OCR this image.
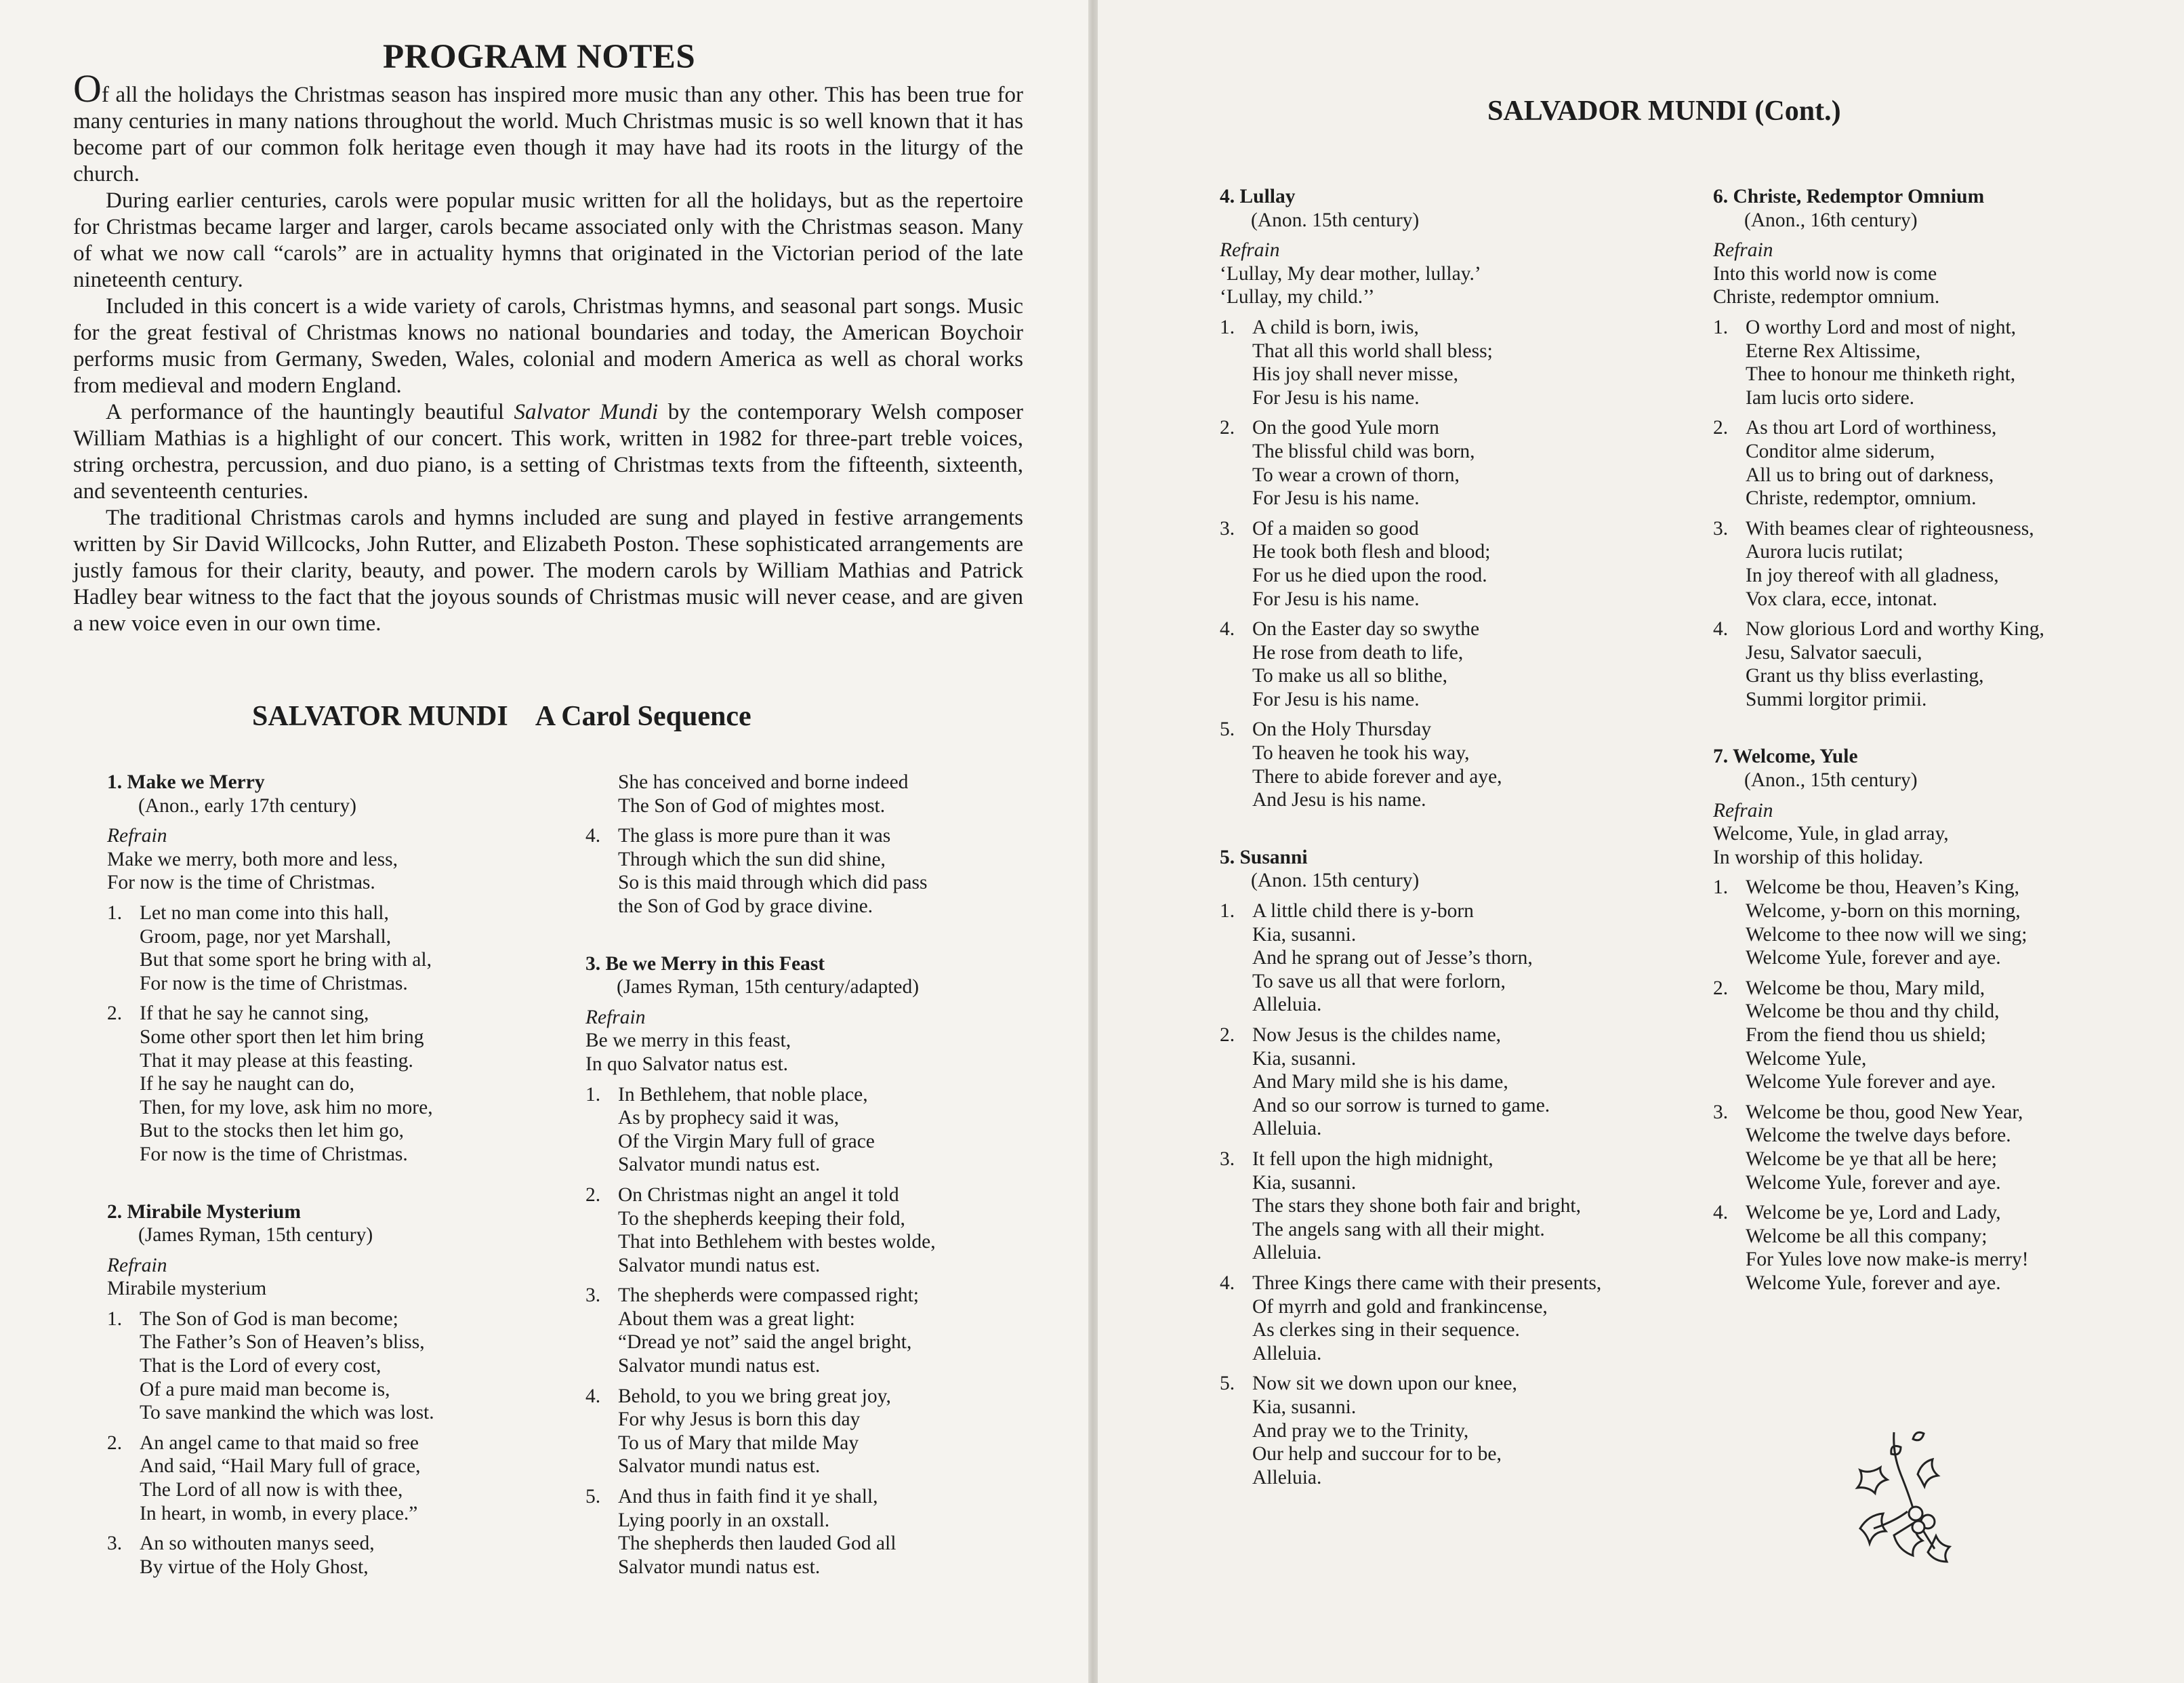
PROGRAM NOTES

Of all the holidays the Christmas season has inspired more music than any other. This has been true for many centuries in many nations throughout the world. Much Christmas music is so well known that it has become part of our common folk heritage even though it may have had its roots in the liturgy of the church.

During earlier centuries, carols were popular music written for all the holidays, but as the repertoire for Christmas became larger and larger, carols became associated only with the Christmas season. Many of what we now call “carols” are in actuality hymns that originated in the Victorian period of the late nineteenth century.

Included in this concert is a wide variety of carols, Christmas hymns, and seasonal part songs. Music for the great festival of Christmas knows no national boundaries and today, the American Boychoir performs music from Germany, Sweden, Wales, colonial and modern America as well as choral works from medieval and modern England.

A performance of the hauntingly beautiful Salvator Mundi by the contemporary Welsh composer William Mathias is a highlight of our concert. This work, written in 1982 for three-part treble voices, string orchestra, percussion, and duo piano, is a setting of Christmas texts from the fifteenth, sixteenth, and seventeenth centuries.

The traditional Christmas carols and hymns included are sung and played in festive arrangements written by Sir David Willcocks, John Rutter, and Elizabeth Poston. These sophisticated arrangements are justly famous for their clarity, beauty, and power. The modern carols by William Mathias and Patrick Hadley bear witness to the fact that the joyous sounds of Christmas music will never cease, and are given a new voice even in our own time.

SALVATOR MUNDI A Carol Sequence
1. Make we Merry
(Anon., early 17th century)
Refrain
Make we merry, both more and less,
For now is the time of Christmas.
1. Let no man come into this hall,
Groom, page, nor yet Marshall,
But that some sport he bring with al,
For now is the time of Christmas.
2. If that he say he cannot sing,
Some other sport then let him bring
That it may please at this feasting.
If he say he naught can do,
Then, for my love, ask him no more,
But to the stocks then let him go,
For now is the time of Christmas.
2. Mirabile Mysterium
(James Ryman, 15th century)
Refrain
Mirabile mysterium
1. The Son of God is man become;
The Father’s Son of Heaven’s bliss,
That is the Lord of every cost,
Of a pure maid man become is,
To save mankind the which was lost.
2. An angel came to that maid so free
And said, “Hail Mary full of grace,
The Lord of all now is with thee,
In heart, in womb, in every place.”
3. An so withouten manys seed,
By virtue of the Holy Ghost,
She has conceived and borne indeed
The Son of God of mightes most.
4. The glass is more pure than it was
Through which the sun did shine,
So is this maid through which did pass
the Son of God by grace divine.
3. Be we Merry in this Feast
(James Ryman, 15th century/adapted)
Refrain
Be we merry in this feast,
In quo Salvator natus est.
1. In Bethlehem, that noble place,
As by prophecy said it was,
Of the Virgin Mary full of grace
Salvator mundi natus est.
2. On Christmas night an angel it told
To the shepherds keeping their fold,
That into Bethlehem with bestes wolde,
Salvator mundi natus est.
3. The shepherds were compassed right;
About them was a great light:
“Dread ye not” said the angel bright,
Salvator mundi natus est.
4. Behold, to you we bring great joy,
For why Jesus is born this day
To us of Mary that milde May
Salvator mundi natus est.
5. And thus in faith find it ye shall,
Lying poorly in an oxstall.
The shepherds then lauded God all
Salvator mundi natus est.
SALVADOR MUNDI (Cont.)
4. Lullay
(Anon. 15th century)
Refrain
‘Lullay, My dear mother, lullay.’
‘Lullay, my child.’’
1. A child is born, iwis,
That all this world shall bless;
His joy shall never misse,
For Jesu is his name.
2. On the good Yule morn
The blissful child was born,
To wear a crown of thorn,
For Jesu is his name.
3. Of a maiden so good
He took both flesh and blood;
For us he died upon the rood.
For Jesu is his name.
4. On the Easter day so swythe
He rose from death to life,
To make us all so blithe,
For Jesu is his name.
5. On the Holy Thursday
To heaven he took his way,
There to abide forever and aye,
And Jesu is his name.
5. Susanni
(Anon. 15th century)
1. A little child there is y-born
Kia, susanni.
And he sprang out of Jesse’s thorn,
To save us all that were forlorn,
Alleluia.
2. Now Jesus is the childes name,
Kia, susanni.
And Mary mild she is his dame,
And so our sorrow is turned to game.
Alleluia.
3. It fell upon the high midnight,
Kia, susanni.
The stars they shone both fair and bright,
The angels sang with all their might.
Alleluia.
4. Three Kings there came with their presents,
Of myrrh and gold and frankincense,
As clerkes sing in their sequence.
Alleluia.
5. Now sit we down upon our knee,
Kia, susanni.
And pray we to the Trinity,
Our help and succour for to be,
Alleluia.
6. Christe, Redemptor Omnium
(Anon., 16th century)
Refrain
Into this world now is come
Christe, redemptor omnium.
1. O worthy Lord and most of night,
Eterne Rex Altissime,
Thee to honour me thinketh right,
Iam lucis orto sidere.
2. As thou art Lord of worthiness,
Conditor alme siderum,
All us to bring out of darkness,
Christe, redemptor, omnium.
3. With beames clear of righteousness,
Aurora lucis rutilat;
In joy thereof with all gladness,
Vox clara, ecce, intonat.
4. Now glorious Lord and worthy King,
Jesu, Salvator saeculi,
Grant us thy bliss everlasting,
Summi lorgitor primii.
7. Welcome, Yule
(Anon., 15th century)
Refrain
Welcome, Yule, in glad array,
In worship of this holiday.
1. Welcome be thou, Heaven’s King,
Welcome, y-born on this morning,
Welcome to thee now will we sing;
Welcome Yule, forever and aye.
2. Welcome be thou, Mary mild,
Welcome be thou and thy child,
From the fiend thou us shield;
Welcome Yule,
Welcome Yule forever and aye.
3. Welcome be thou, good New Year,
Welcome the twelve days before.
Welcome be ye that all be here;
Welcome Yule, forever and aye.
4. Welcome be ye, Lord and Lady,
Welcome be all this company;
For Yules love now make-is merry!
Welcome Yule, forever and aye.
